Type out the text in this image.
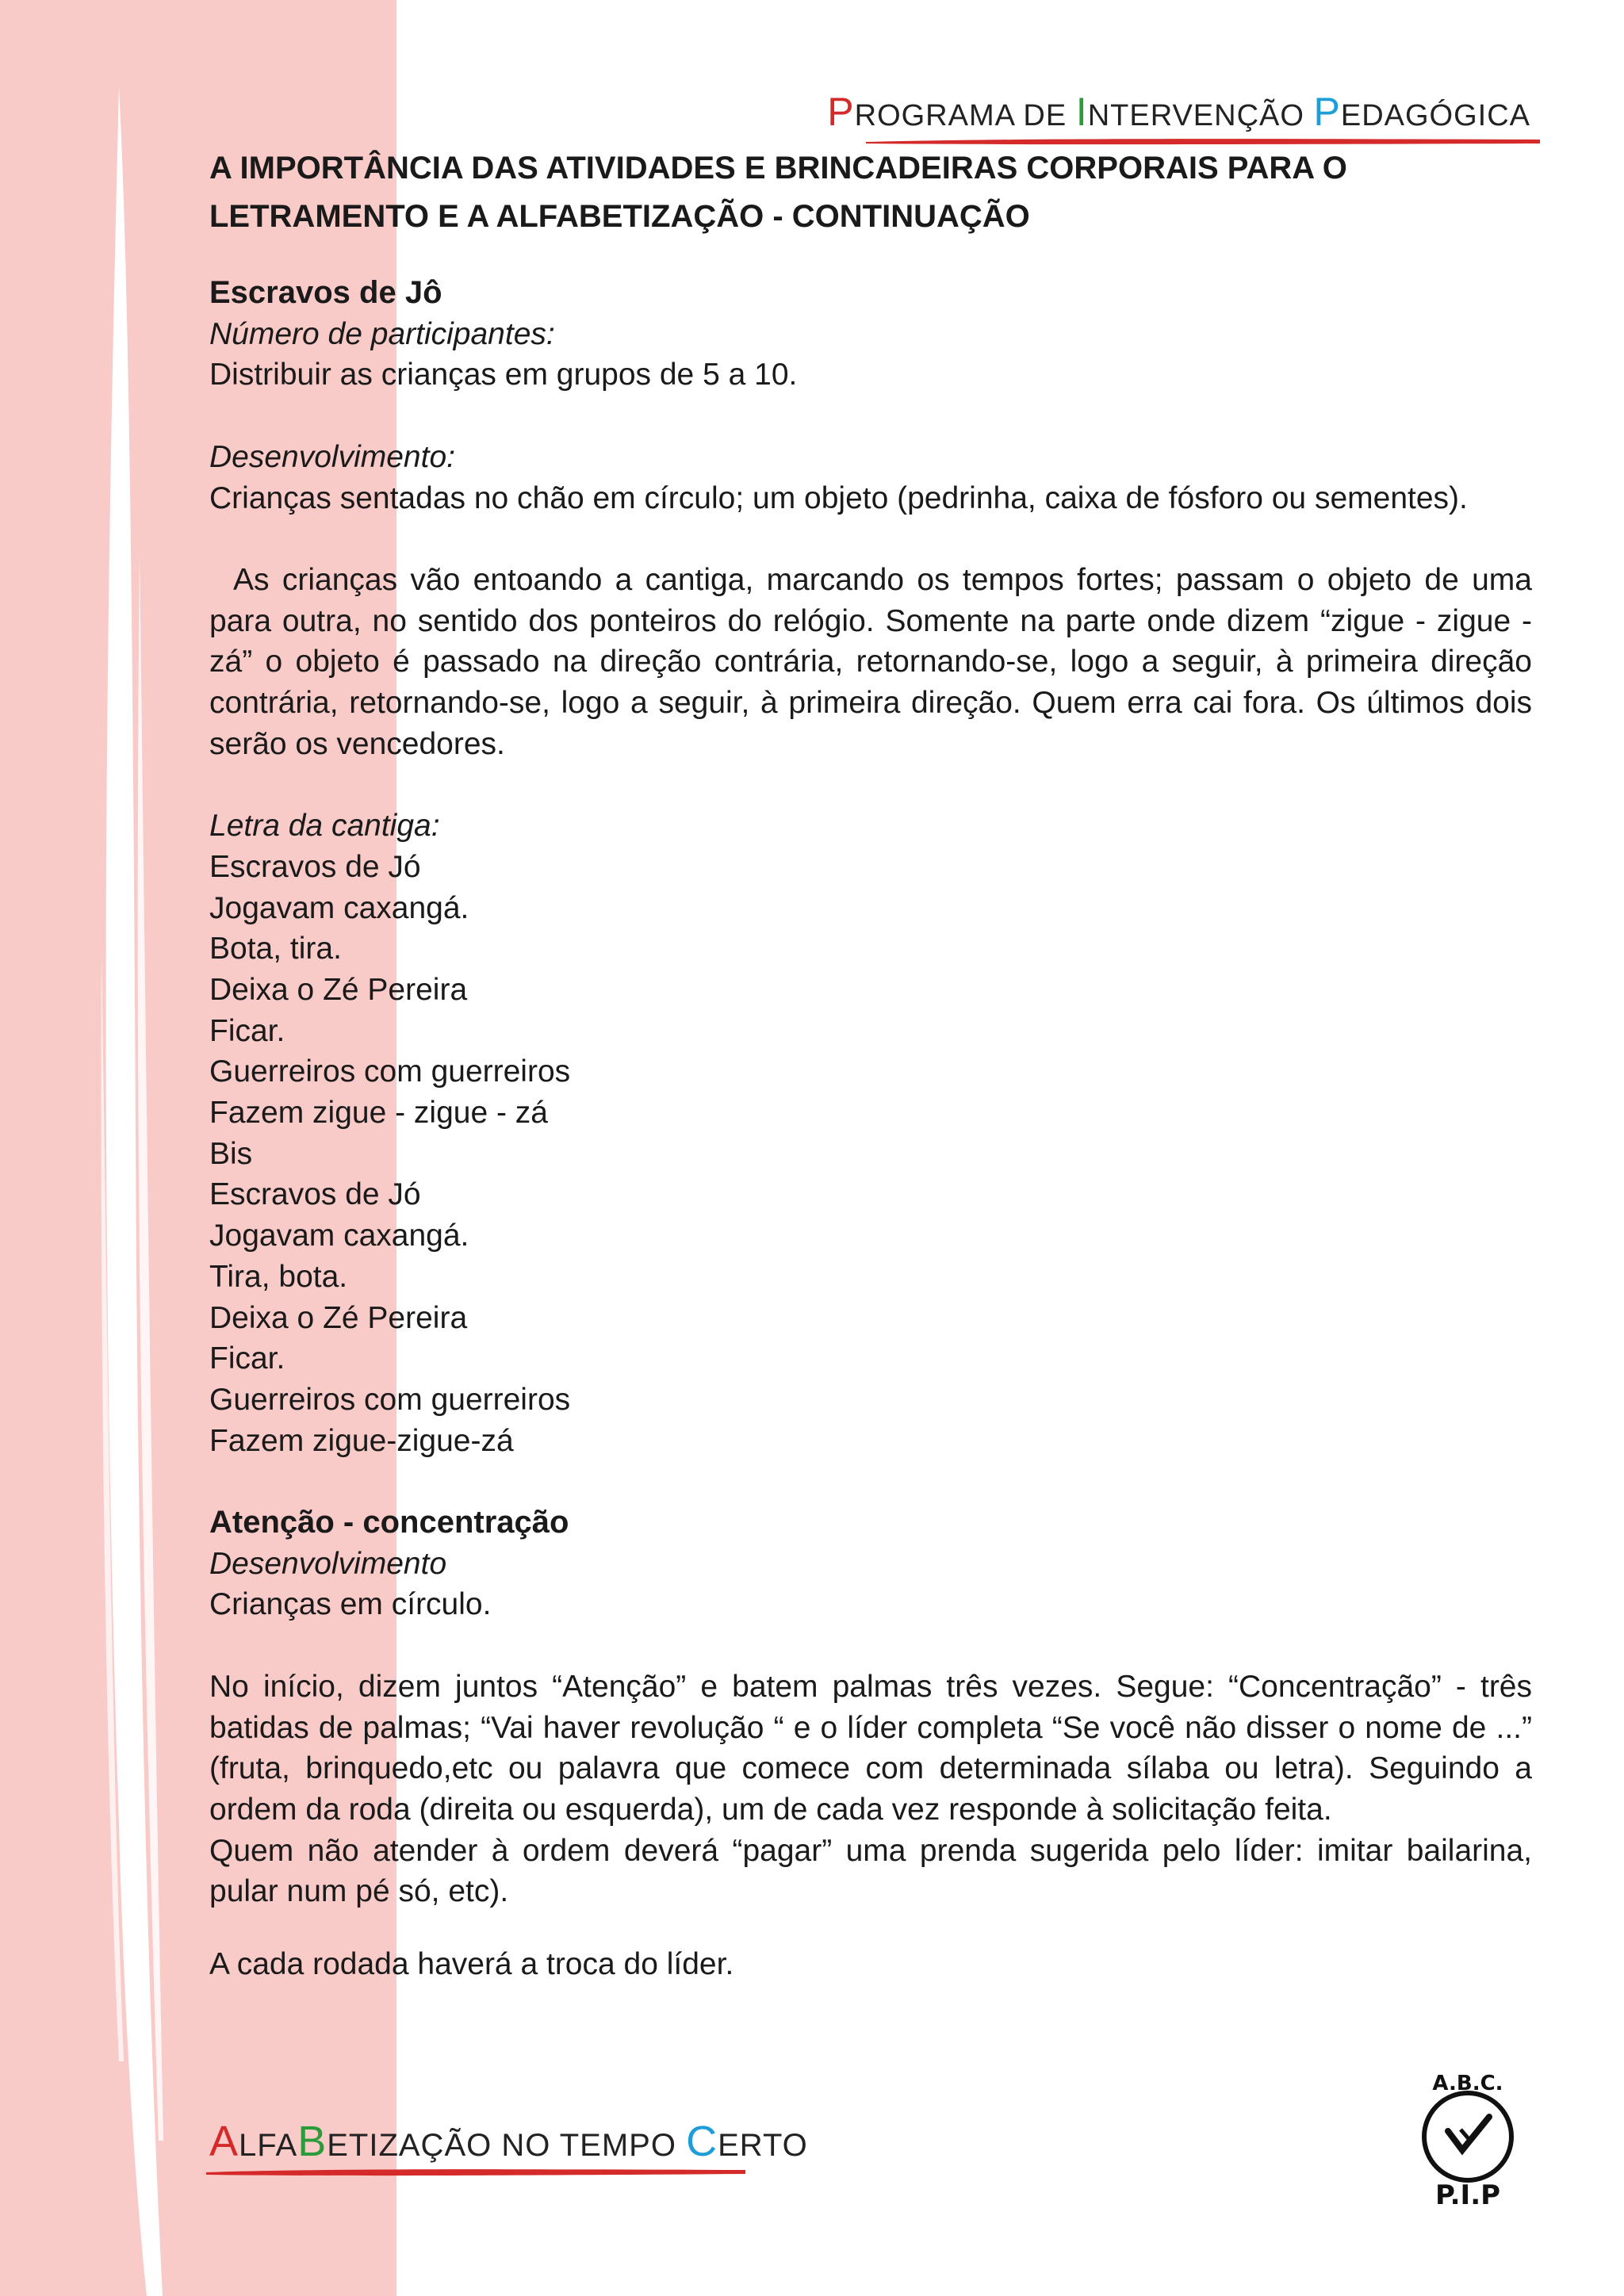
PROGRAMA DE INTERVENÇÃO PEDAGÓGICA

A IMPORTÂNCIA DAS ATIVIDADES E BRINCADEIRAS CORPORAIS PARA O

LETRAMENTO E A ALFABETIZAÇÃO - CONTINUAÇÃO

Escravos de Jô

Número de participantes:

Distribuir as crianças em grupos de 5 a 10.

Desenvolvimento:

Crianças sentadas no chão em círculo; um objeto (pedrinha, caixa de fósforo ou sementes).

As crianças vão entoando a cantiga, marcando os tempos fortes; passam o objeto de uma para outra, no sentido dos ponteiros do relógio. Somente na parte onde dizem “zigue - zigue - zá” o objeto é passado na direção contrária, retornando-se, logo a seguir, à primeira direção contrária, retornando-se, logo a seguir, à primeira direção. Quem erra cai fora. Os últimos dois serão os vencedores.

Letra da cantiga:

Escravos de Jó
Jogavam caxangá.
Bota, tira.
Deixa o Zé Pereira
Ficar.
Guerreiros com guerreiros
Fazem zigue - zigue - zá
Bis
Escravos de Jó
Jogavam caxangá.
Tira, bota.
Deixa o Zé Pereira
Ficar.
Guerreiros com guerreiros
Fazem zigue-zigue-zá

Atenção - concentração

Desenvolvimento

Crianças em círculo.

No início, dizem juntos “Atenção” e batem palmas três vezes. Segue: “Concentração” - três batidas de palmas; “Vai haver revolução “ e o líder completa “Se você não disser o nome de ...” (fruta, brinquedo,etc ou palavra que comece com determinada sílaba ou letra). Seguindo a ordem da roda (direita ou esquerda), um de cada vez responde à solicitação feita.

Quem não atender à ordem deverá “pagar” uma prenda sugerida pelo líder: imitar bailarina, pular num pé só, etc).

A cada rodada haverá a troca do líder.

ALFABETIZAÇÃO NO TEMPO CERTO
A.B.C.
P.I.P
